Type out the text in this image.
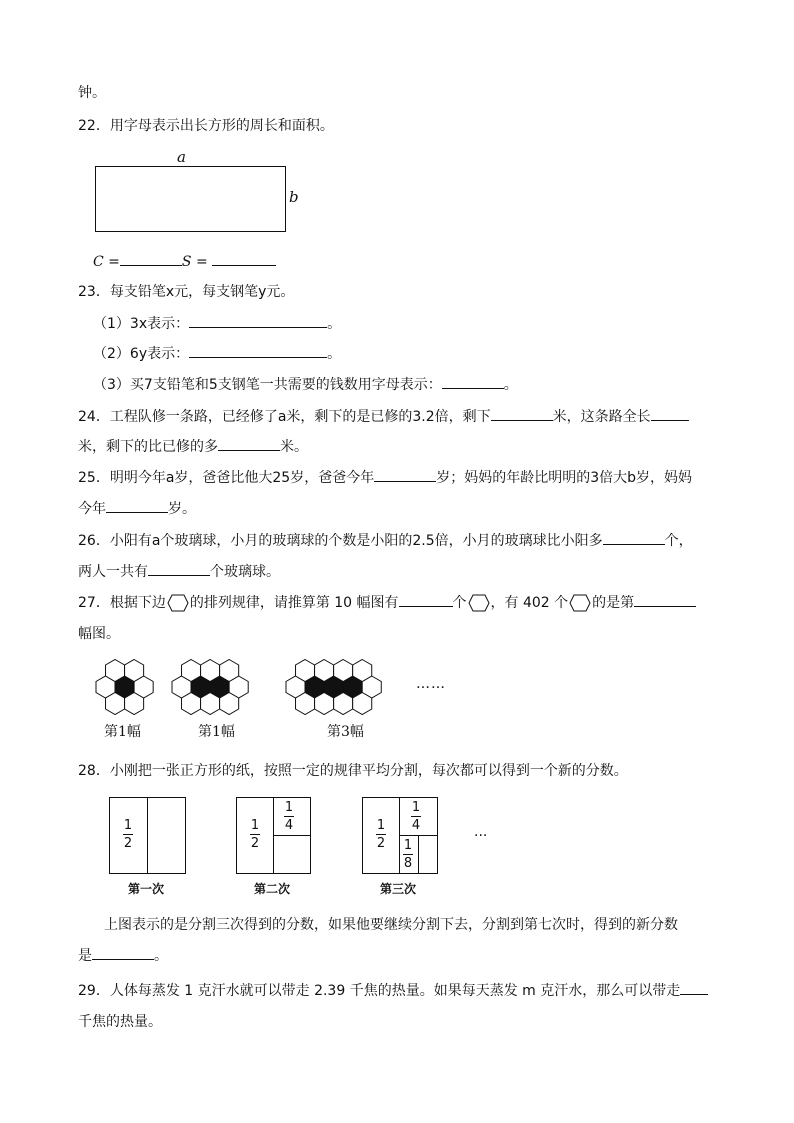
钟。
22．用字母表示出长方形的周长和面积。
a
b
C =	S =
23．每支铅笔x元，每支钢笔y元。
（1）3x表示：	。
（2）6y表示：	。
（3）买7支铅笔和5支钢笔一共需要的钱数用字母表示：	。
24．工程队修一条路，已经修了a米，剩下的是已修的3.2倍，剩下	米，这条路全长
米，剩下的比已修的多	米。
25．明明今年a岁，爸爸比他大25岁，爸爸今年	岁；妈妈的年龄比明明的3倍大b岁，妈妈
今年	岁。
26．小阳有a个玻璃球，小月的玻璃球的个数是小阳的2.5倍，小月的玻璃球比小阳多	个，
两人一共有	个玻璃球。
27．根据下边 的排列规律，请推算第 10 幅图有	个 ，有 402 个 的是第
幅图。
……
第1幅	第1幅	第3幅
28．小刚把一张正方形的纸，按照一定的规律平均分割，每次都可以得到一个新的分数。
1
2
1
2
1
4	1
2
1
4
1
8
···
第一次	第二次	第三次
上图表示的是分割三次得到的分数，如果他要继续分割下去，分割到第七次时，得到的新分数
是	。
29．人体每蒸发 1 克汗水就可以带走 2.39 千焦的热量。如果每天蒸发 m 克汗水，那么可以带走
千焦的热量。
